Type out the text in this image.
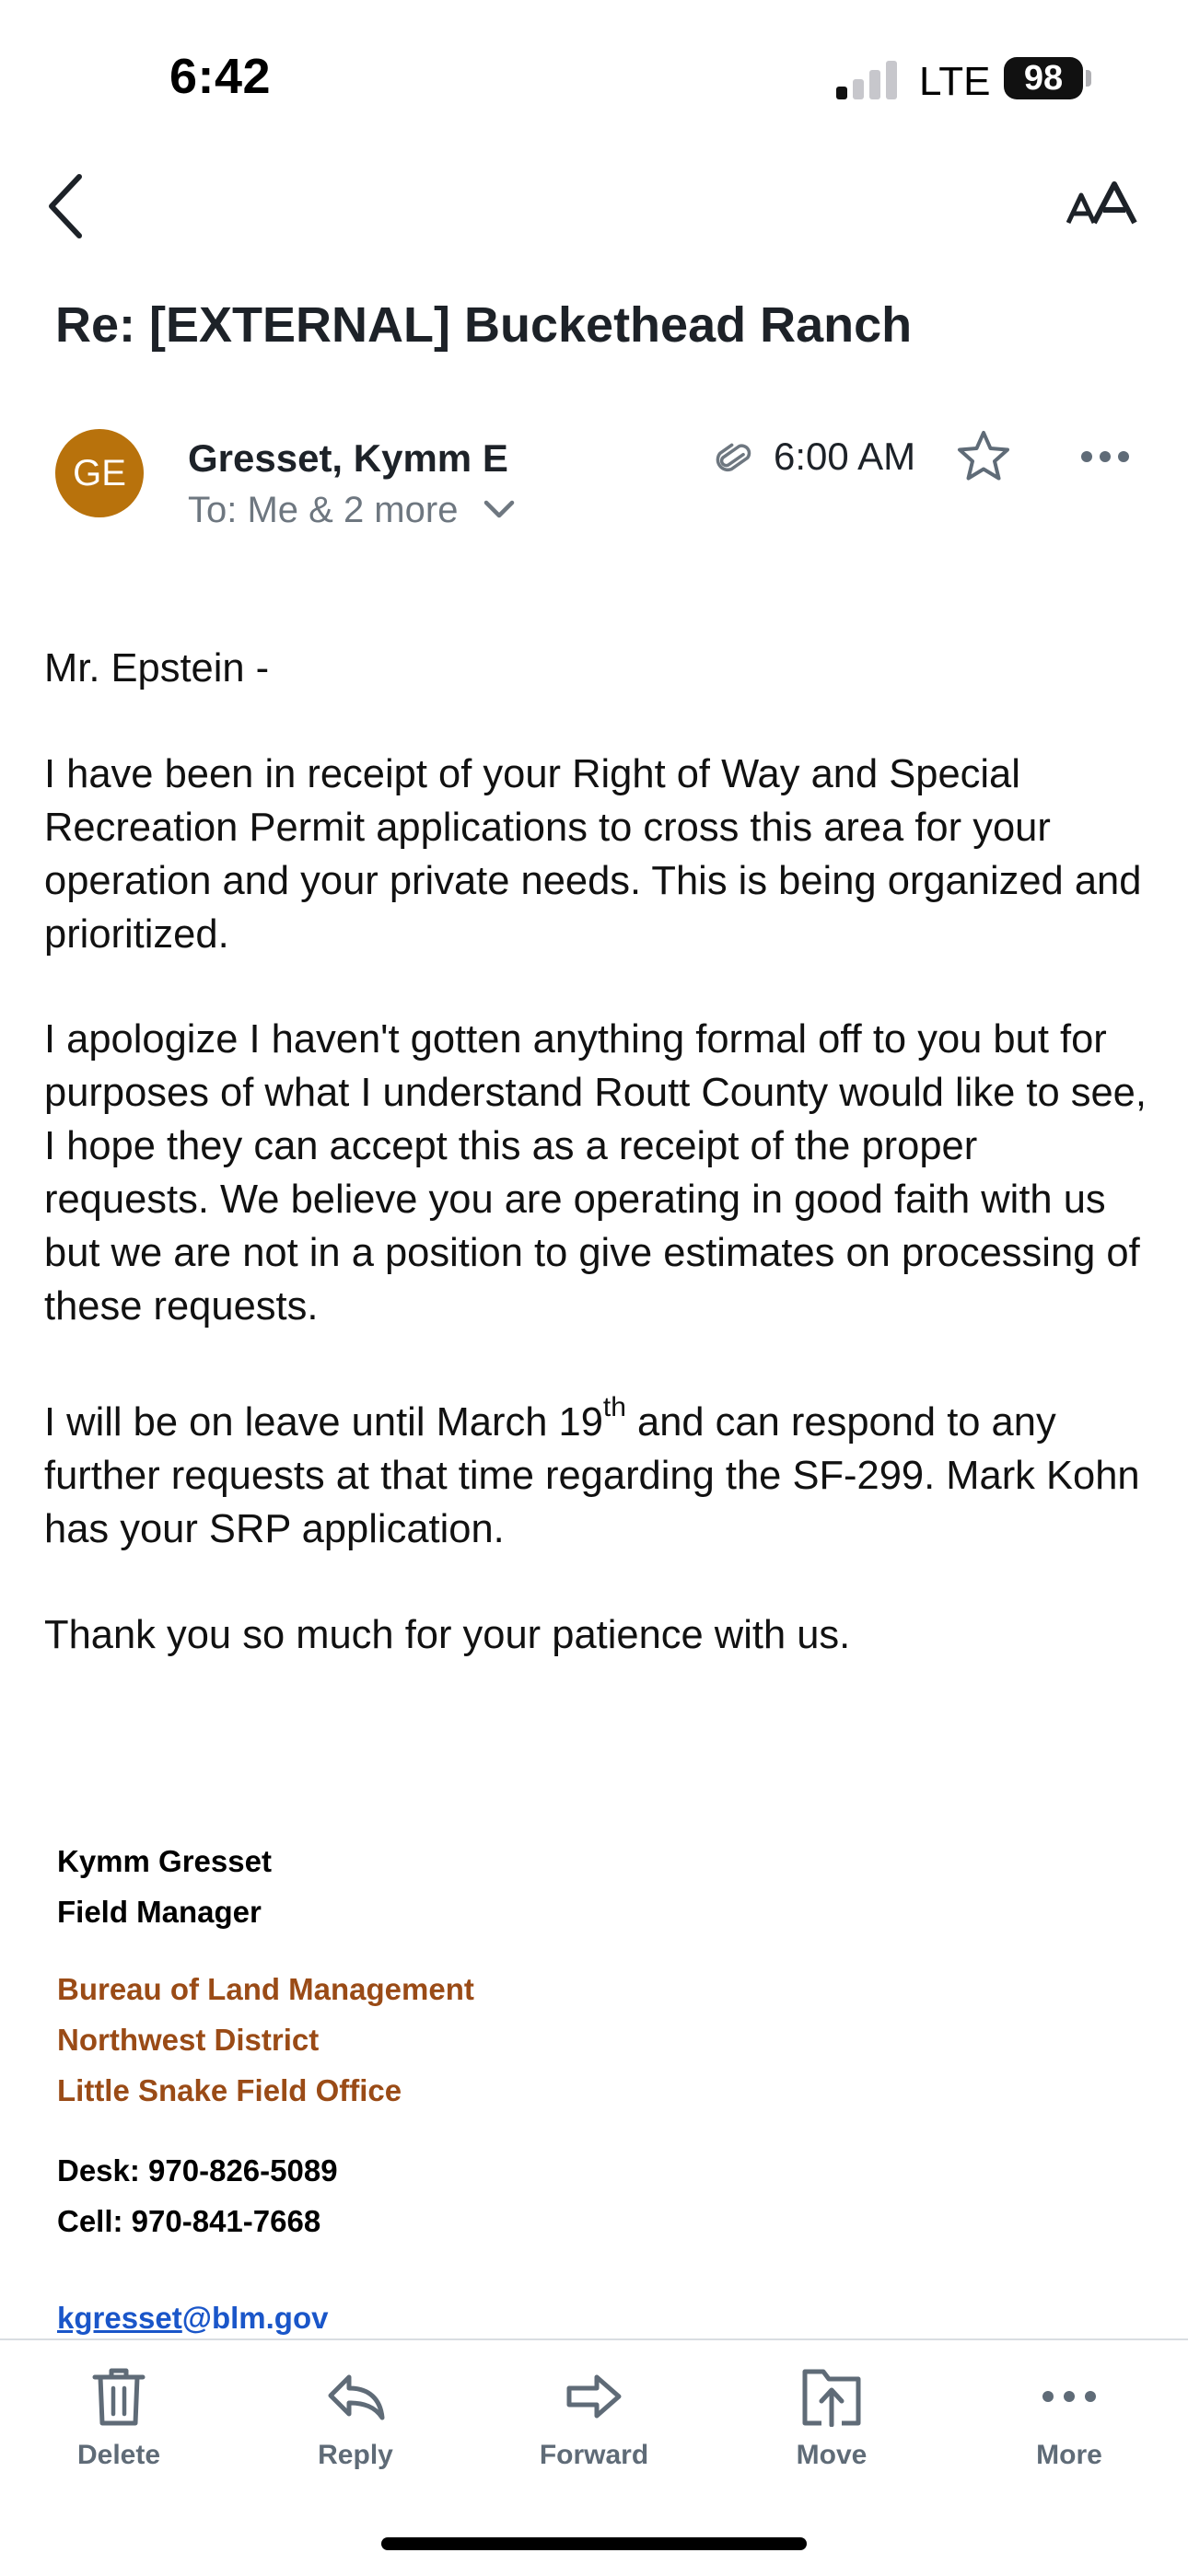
6:42	LTE 98
Re: [EXTERNAL] Buckethead Ranch
GE	Gresset, Kymm E
To: Me & 2 more
6:00 AM
Mr. Epstein -
I have been in receipt of your Right of Way and Special Recreation Permit applications to cross this area for your operation and your private needs. This is being organized and prioritized.
I apologize I haven't gotten anything formal off to you but for purposes of what I understand Routt County would like to see, I hope they can accept this as a receipt of the proper requests. We believe you are operating in good faith with us but we are not in a position to give estimates on processing of these requests.
I will be on leave until March 19th and can respond to any further requests at that time regarding the SF-299. Mark Kohn has your SRP application.
Thank you so much for your patience with us.
Kymm Gresset
Field Manager
Bureau of Land Management
Northwest District
Little Snake Field Office
Desk: 970-826-5089
Cell: 970-841-7668
kgresset@blm.gov
Delete	Reply	Forward	Move	More
